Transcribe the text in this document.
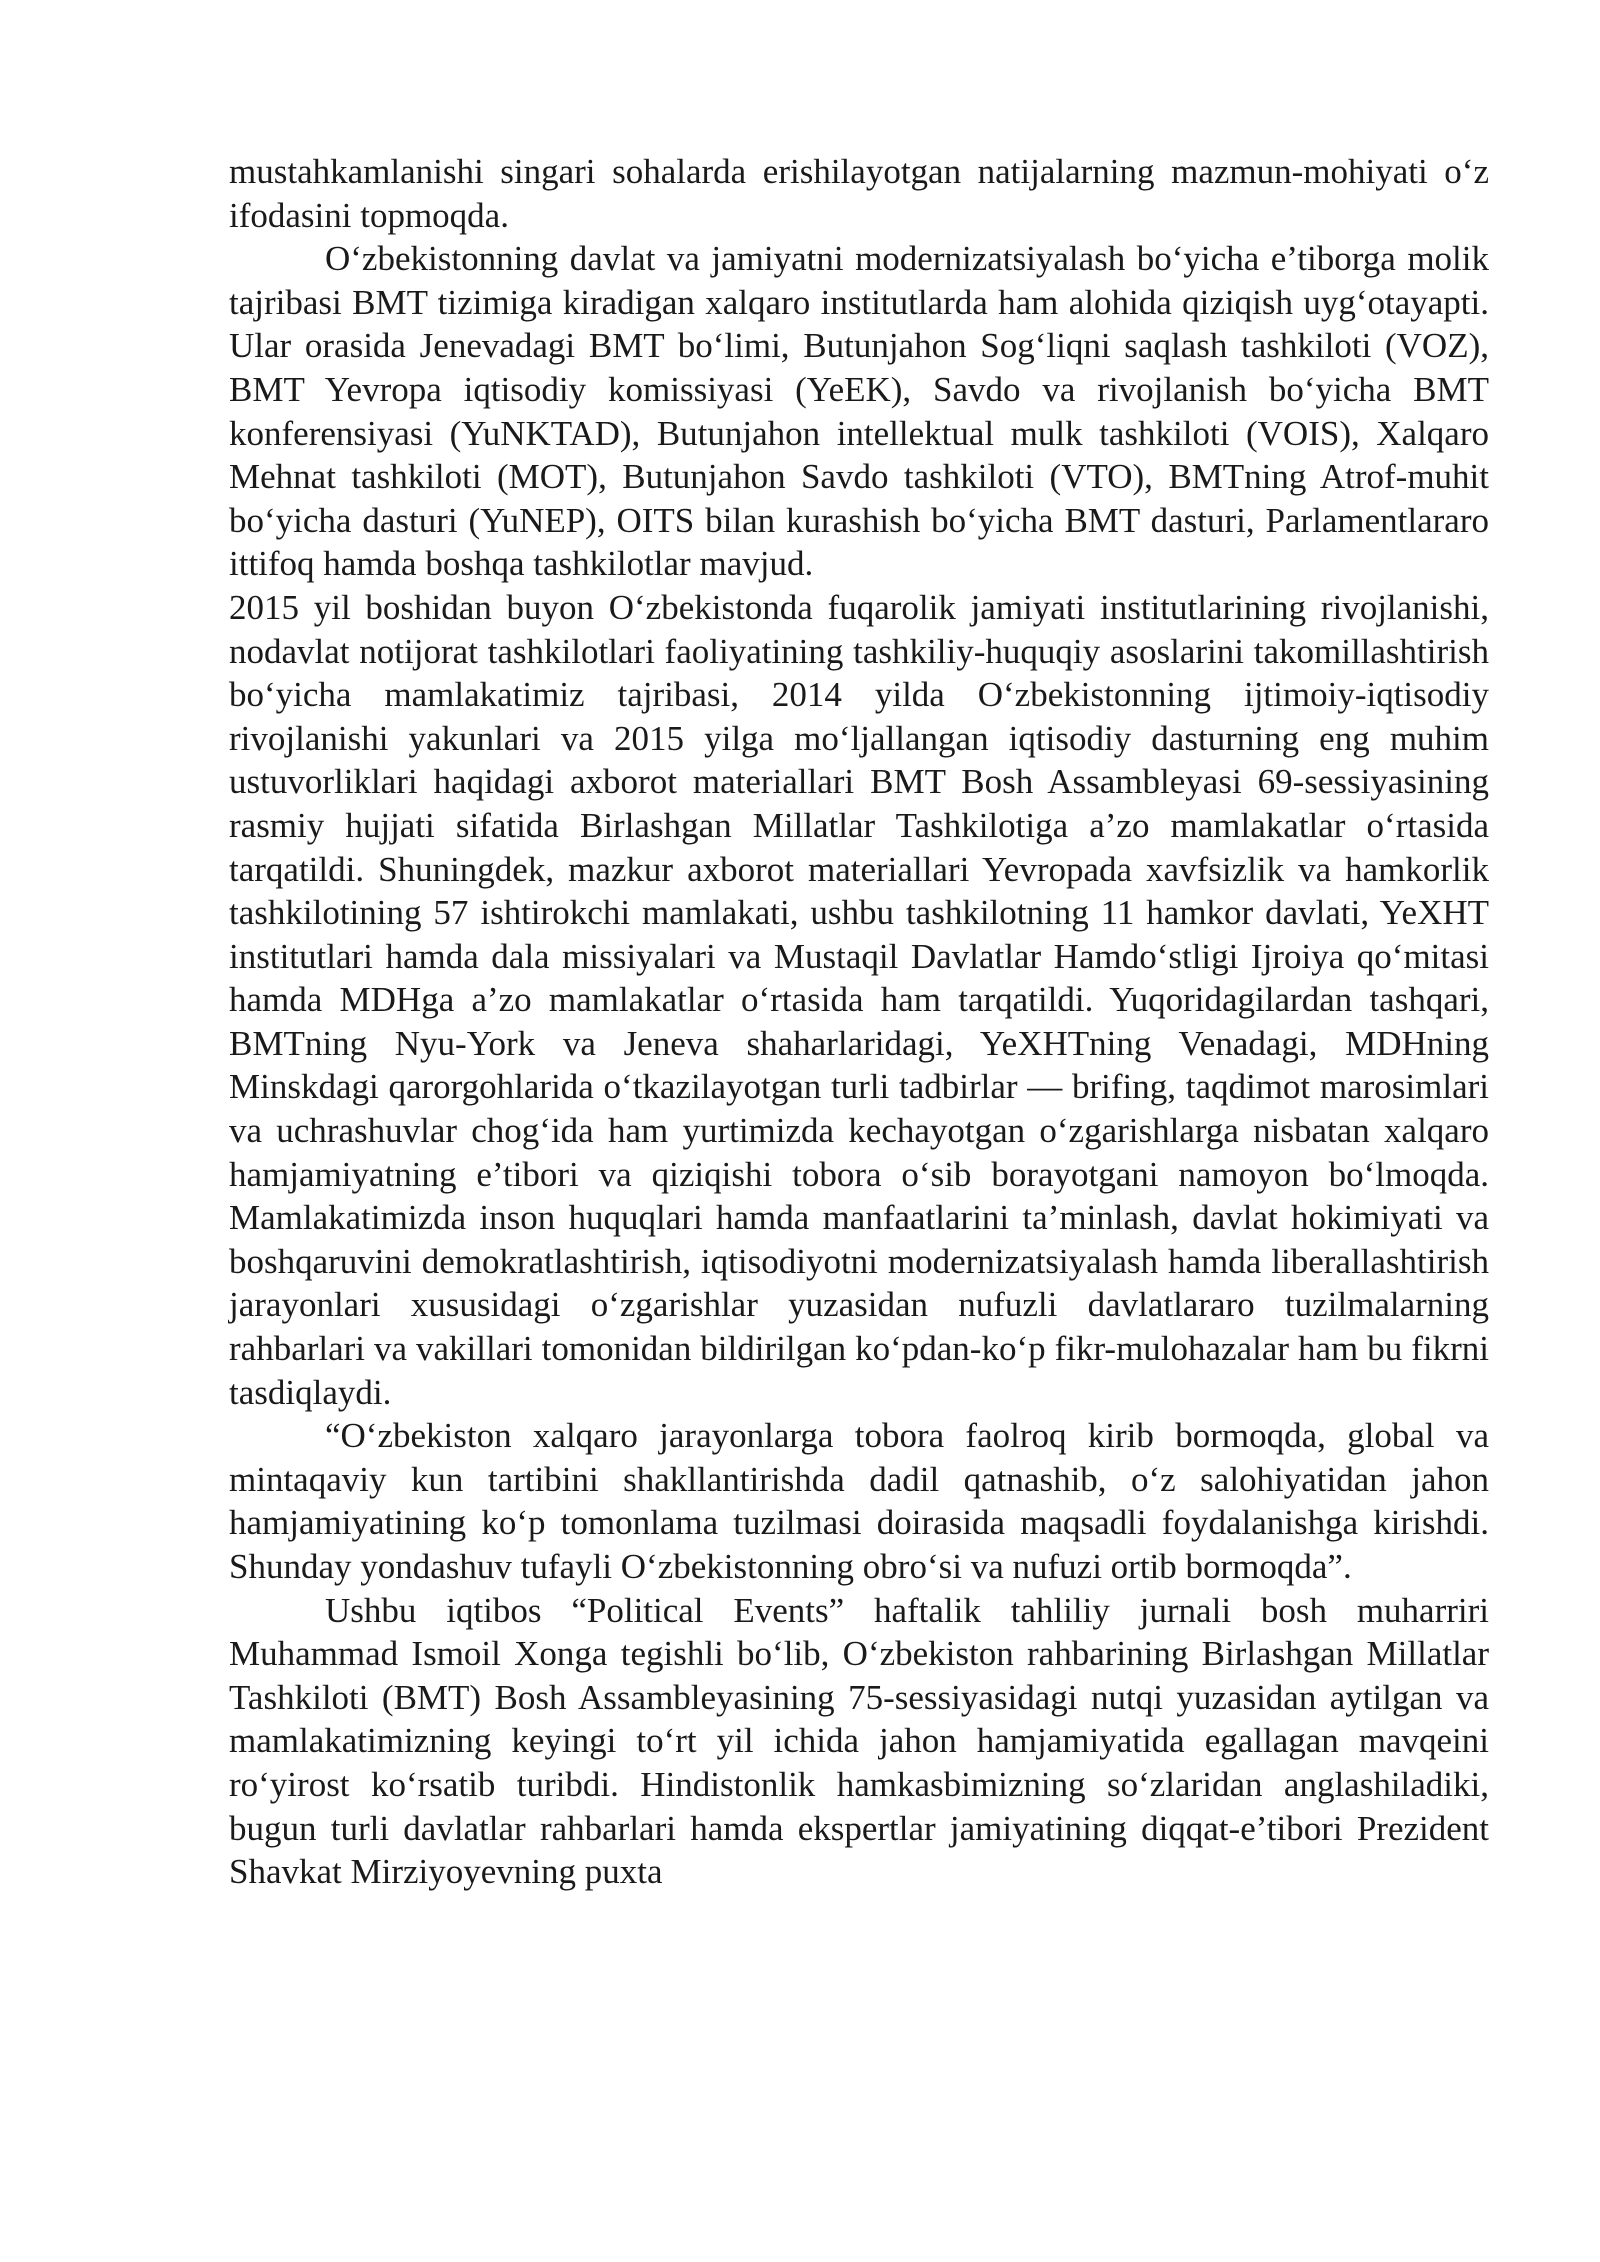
mustahkamlanishi singari sohalarda erishilayotgan natijalarning mazmun-mohiyati o‘z ifodasini topmoqda.

O‘zbekistonning davlat va jamiyatni modernizatsiyalash bo‘yicha e’tiborga molik tajribasi BMT tizimiga kiradigan xalqaro institutlarda ham alohida qiziqish uyg‘otayapti. Ular orasida Jenevadagi BMT bo‘limi, Butunjahon Sog‘liqni saqlash tashkiloti (VOZ), BMT Yevropa iqtisodiy komissiyasi (YeEK), Savdo va rivojlanish bo‘yicha BMT konferensiyasi (YuNKTAD), Butunjahon intellektual mulk tashkiloti (VOIS), Xalqaro Mehnat tashkiloti (MOT), Butunjahon Savdo tashkiloti (VTO), BMTning Atrof-muhit bo‘yicha dasturi (YuNEP), OITS bilan kurashish bo‘yicha BMT dasturi, Parlamentlararo ittifoq hamda boshqa tashkilotlar mavjud.

2015 yil boshidan buyon O‘zbekistonda fuqarolik jamiyati institutlarining rivojlanishi, nodavlat notijorat tashkilotlari faoliyatining tashkiliy-huquqiy asoslarini takomillashtirish bo‘yicha mamlakatimiz tajribasi, 2014 yilda O‘zbekistonning ijtimoiy-iqtisodiy rivojlanishi yakunlari va 2015 yilga mo‘ljallangan iqtisodiy dasturning eng muhim ustuvorliklari haqidagi axborot materiallari BMT Bosh Assambleyasi 69-sessiyasining rasmiy hujjati sifatida Birlashgan Millatlar Tashkilotiga a’zo mamlakatlar o‘rtasida tarqatildi. Shuningdek, mazkur axborot materiallari Yevropada xavfsizlik va hamkorlik tashkilotining 57 ishtirokchi mamlakati, ushbu tashkilotning 11 hamkor davlati, YeXHT institutlari hamda dala missiyalari va Mustaqil Davlatlar Hamdo‘stligi Ijroiya qo‘mitasi hamda MDHga a’zo mamlakatlar o‘rtasida ham tarqatildi. Yuqoridagilardan tashqari, BMTning Nyu-York va Jeneva shaharlaridagi, YeXHTning Venadagi, MDHning Minskdagi qarorgohlarida o‘tkazilayotgan turli tadbirlar — brifing, taqdimot marosimlari va uchrashuvlar chog‘ida ham yurtimizda kechayotgan o‘zgarishlarga nisbatan xalqaro hamjamiyatning e’tibori va qiziqishi tobora o‘sib borayotgani namoyon bo‘lmoqda. Mamlakatimizda inson huquqlari hamda manfaatlarini ta’minlash, davlat hokimiyati va boshqaruvini demokratlashtirish, iqtisodiyotni modernizatsiyalash hamda liberallashtirish jarayonlari xususidagi o‘zgarishlar yuzasidan nufuzli davlatlararo tuzilmalarning rahbarlari va vakillari tomonidan bildirilgan ko‘pdan-ko‘p fikr-mulohazalar ham bu fikrni tasdiqlaydi.

“O‘zbekiston xalqaro jarayonlarga tobora faolroq kirib bormoqda, global va mintaqaviy kun tartibini shakllantirishda dadil qatnashib, o‘z salohiyatidan jahon hamjamiyatining ko‘p tomonlama tuzilmasi doirasida maqsadli foydalanishga kirishdi. Shunday yondashuv tufayli O‘zbekistonning obro‘si va nufuzi ortib bormoqda”.

Ushbu iqtibos “Political Events” haftalik tahliliy jurnali bosh muharriri Muhammad Ismoil Xonga tegishli bo‘lib, O‘zbekiston rahbarining Birlashgan Millatlar Tashkiloti (BMT) Bosh Assambleyasining 75-sessiyasidagi nutqi yuzasidan aytilgan va mamlakatimizning keyingi to‘rt yil ichida jahon hamjamiyatida egallagan mavqeini ro‘yirost ko‘rsatib turibdi. Hindistonlik hamkasbimizning so‘zlaridan anglashiladiki, bugun turli davlatlar rahbarlari hamda ekspertlar jamiyatining diqqat-e’tibori Prezident Shavkat Mirziyoyevning puxta
